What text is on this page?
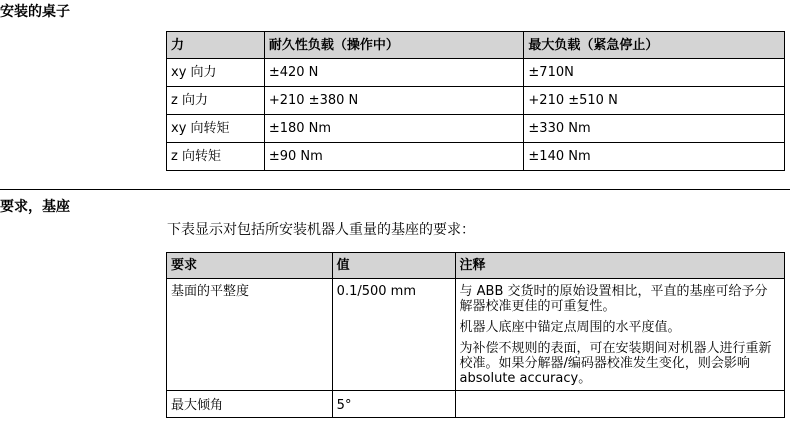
安装的桌子
力	耐久性负载（操作中）	最大负载（紧急停止）
xy 向力	±420 N	±710N
z 向力	+210 ±380 N	+210 ±510 N
xy 向转矩	±180 Nm	±330 Nm
z 向转矩	±90 Nm	±140 Nm
要求，基座
下表显示对包括所安装机器人重量的基座的要求：
要求	值	注释
基面的平整度	0.1/500 mm	与 ABB 交货时的原始设置相比，平直的基座可给予分解器校准更佳的可重复性。

机器人底座中锚定点周围的水平度值。

为补偿不规则的表面，可在安装期间对机器人进行重新校准。如果分解器/编码器校准发生变化，则会影响 absolute accuracy。

最大倾角	5°	
